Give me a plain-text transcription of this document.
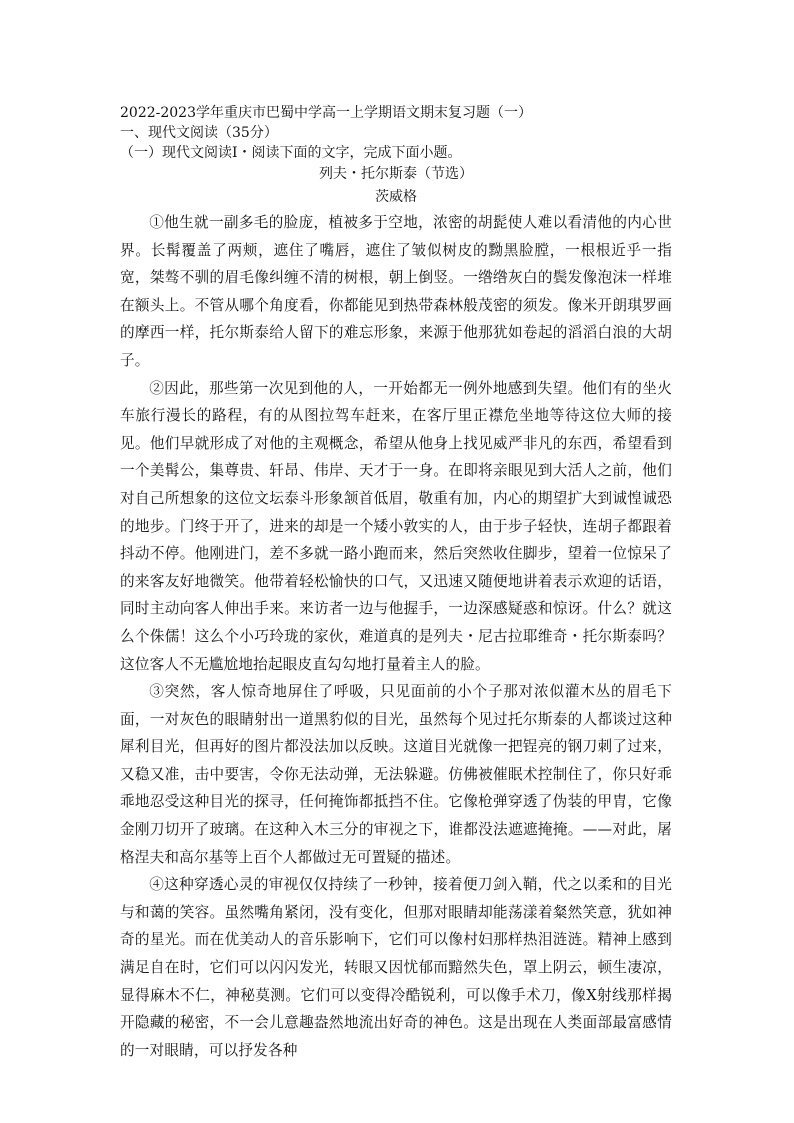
2022-2023学年重庆市巴蜀中学高一上学期语文期末复习题（一）
一、现代文阅读（35分）
（一）现代文阅读Ⅰ・阅读下面的文字，完成下面小题。
列夫・托尔斯泰（节选）
茨威格

①他生就一副多毛的脸庞，植被多于空地，浓密的胡髭使人难以看清他的内心世界。长髯覆盖了两颊，遮住了嘴唇，遮住了皱似树皮的黝黑脸膛，一根根近乎一指宽，桀骜不驯的眉毛像纠缠不清的树根，朝上倒竖。一绺绺灰白的鬓发像泡沫一样堆在额头上。不管从哪个角度看，你都能见到热带森林般茂密的须发。像米开朗琪罗画的摩西一样，托尔斯泰给人留下的难忘形象，来源于他那犹如卷起的滔滔白浪的大胡子。

②因此，那些第一次见到他的人，一开始都无一例外地感到失望。他们有的坐火车旅行漫长的路程，有的从图拉驾车赶来，在客厅里正襟危坐地等待这位大师的接见。他们早就形成了对他的主观概念，希望从他身上找见威严非凡的东西，希望看到一个美髯公，集尊贵、轩昂、伟岸、天才于一身。在即将亲眼见到大活人之前，他们对自己所想象的这位文坛泰斗形象颔首低眉，敬重有加，内心的期望扩大到诚惶诚恐的地步。门终于开了，进来的却是一个矮小敦实的人，由于步子轻快，连胡子都跟着抖动不停。他刚进门，差不多就一路小跑而来，然后突然收住脚步，望着一位惊呆了的来客友好地微笑。他带着轻松愉快的口气，又迅速又随便地讲着表示欢迎的话语，同时主动向客人伸出手来。来访者一边与他握手，一边深感疑惑和惊讶。什么？就这么个侏儒！这么个小巧玲珑的家伙，难道真的是列夫・尼古拉耶维奇・托尔斯泰吗？这位客人不无尴尬地抬起眼皮直勾勾地打量着主人的脸。

③突然，客人惊奇地屏住了呼吸，只见面前的小个子那对浓似灌木丛的眉毛下面，一对灰色的眼睛射出一道黑豹似的目光，虽然每个见过托尔斯泰的人都谈过这种犀利目光，但再好的图片都没法加以反映。这道目光就像一把锃亮的钢刀刺了过来，又稳又准，击中要害，令你无法动弹，无法躲避。仿佛被催眠术控制住了，你只好乖乖地忍受这种目光的探寻，任何掩饰都抵挡不住。它像枪弹穿透了伪装的甲胄，它像金刚刀切开了玻璃。在这种入木三分的审视之下，谁都没法遮遮掩掩。——对此，屠格涅夫和高尔基等上百个人都做过无可置疑的描述。

④这种穿透心灵的审视仅仅持续了一秒钟，接着便刀剑入鞘，代之以柔和的目光与和蔼的笑容。虽然嘴角紧闭，没有变化，但那对眼睛却能荡漾着粲然笑意，犹如神奇的星光。而在优美动人的音乐影响下，它们可以像村妇那样热泪涟涟。精神上感到满足自在时，它们可以闪闪发光，转眼又因忧郁而黯然失色，罩上阴云，顿生凄凉，显得麻木不仁，神秘莫测。它们可以变得冷酷锐利，可以像手术刀，像X射线那样揭开隐藏的秘密，不一会儿意趣盎然地流出好奇的神色。这是出现在人类面部最富感情的一对眼睛，可以抒发各种
